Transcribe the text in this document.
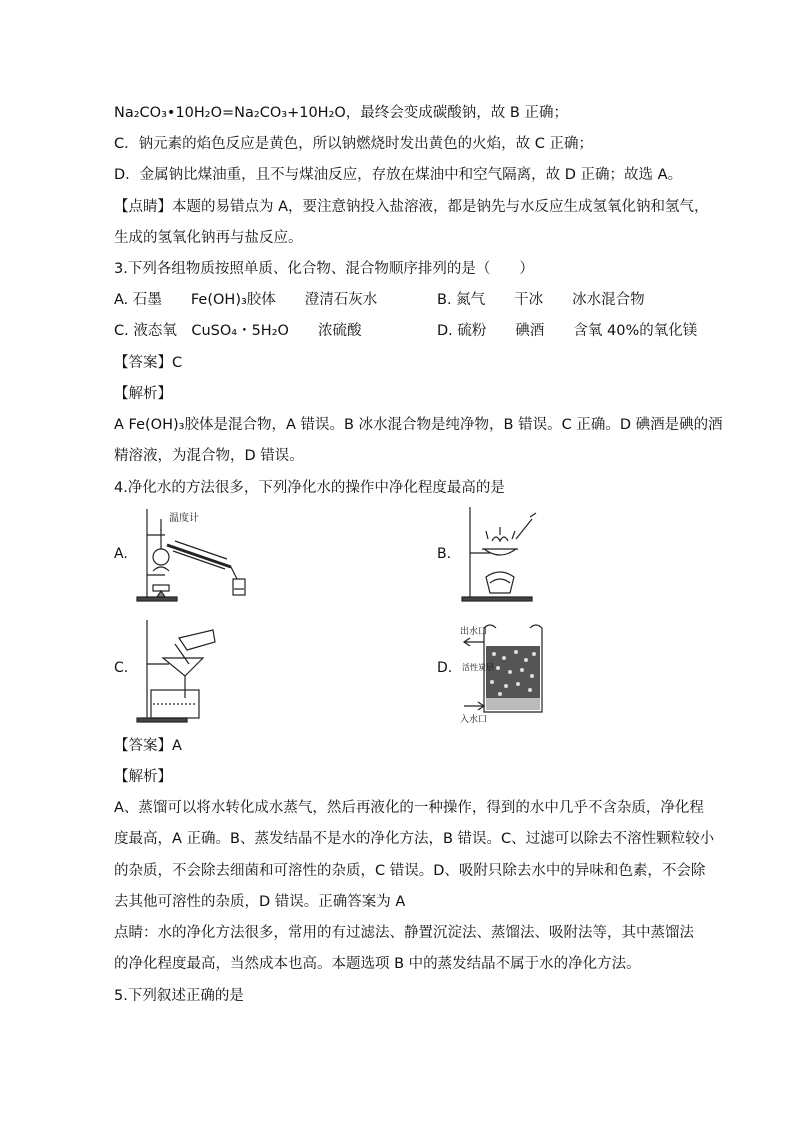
Na₂CO₃•10H₂O=Na₂CO₃+10H₂O，最终会变成碳酸钠，故 B 正确；
C．钠元素的焰色反应是黄色，所以钠燃烧时发出黄色的火焰，故 C 正确；
D．金属钠比煤油重，且不与煤油反应，存放在煤油中和空气隔离，故 D 正确；故选 A。
【点睛】本题的易错点为 A，要注意钠投入盐溶液，都是钠先与水反应生成氢氧化钠和氢气，
生成的氢氧化钠再与盐反应。
3.下列各组物质按照单质、化合物、混合物顺序排列的是（　　）
A. 石墨　　Fe(OH)₃胶体　　澄清石灰水	B. 氮气　　干冰　　冰水混合物
C. 液态氧　CuSO₄・5H₂O　　浓硫酸	D. 硫粉　　碘酒　　含氧 40%的氧化镁
【答案】C
【解析】
A Fe(OH)₃胶体是混合物，A 错误。B 冰水混合物是纯净物，B 错误。C 正确。D 碘酒是碘的酒
精溶液，为混合物，D 错误。
4.净化水的方法很多，下列净化水的操作中净化程度最高的是
A.	B.
C.	D.
温度计
出水口
入水口
活性炭层
【答案】A
【解析】
A、蒸馏可以将水转化成水蒸气，然后再液化的一种操作，得到的水中几乎不含杂质，净化程
度最高，A 正确。B、蒸发结晶不是水的净化方法，B 错误。C、过滤可以除去不溶性颗粒较小
的杂质，不会除去细菌和可溶性的杂质，C 错误。D、吸附只除去水中的异味和色素，不会除
去其他可溶性的杂质，D 错误。正确答案为 A
点睛：水的净化方法很多，常用的有过滤法、静置沉淀法、蒸馏法、吸附法等，其中蒸馏法
的净化程度最高，当然成本也高。本题选项 B 中的蒸发结晶不属于水的净化方法。
5.下列叙述正确的是
